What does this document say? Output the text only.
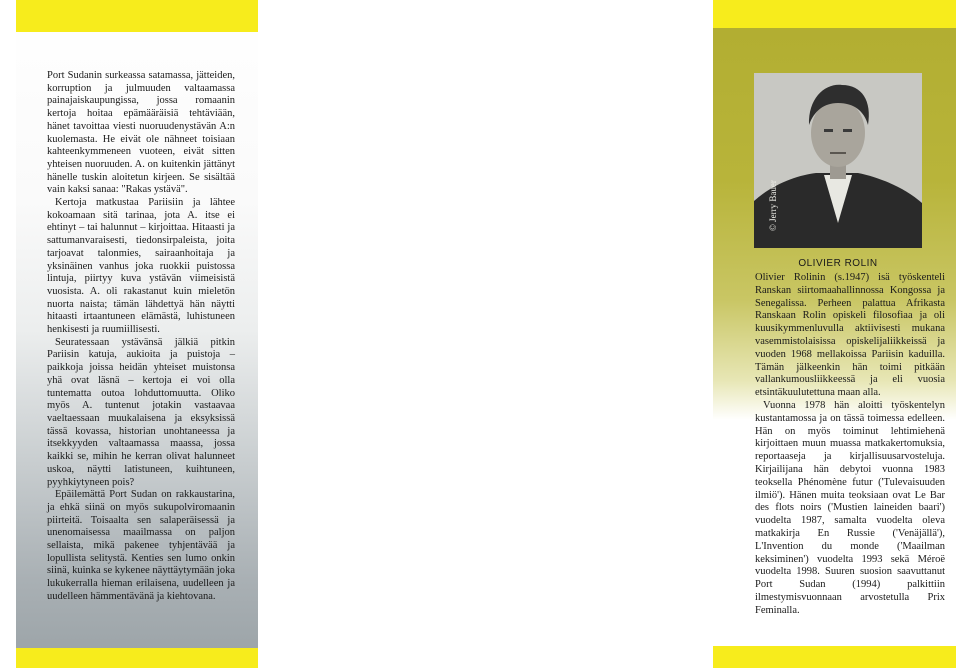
Port Sudanin surkeassa satamassa, jätteiden, korruption ja julmuuden valtaamassa painajaiskaupungissa, jossa romaanin kertoja hoitaa epämääräisiä tehtäviään, hänet tavoittaa viesti nuoruudenystävän A:n kuolemasta. He eivät ole nähneet toisiaan kahteenkymmeneen vuoteen, eivät sitten yhteisen nuoruuden. A. on kuitenkin jättänyt hänelle tuskin aloitetun kirjeen. Se sisältää vain kaksi sanaa: "Rakas ystävä".

Kertoja matkustaa Pariisiin ja lähtee kokoamaan sitä tarinaa, jota A. itse ei ehtinyt – tai halunnut – kirjoittaa. Hitaasti ja sattumanvaraisesti, tiedonsirpaleista, joita tarjoavat talonmies, sairaanhoitaja ja yksinäinen vanhus joka ruokkii puistossa lintuja, piirtyy kuva ystävän viimeisistä vuosista. A. oli rakastanut kuin mieletön nuorta naista; tämän lähdettyä hän näytti hitaasti irtaantuneen elämästä, luhistuneen henkisesti ja ruumiillisesti.

Seuratessaan ystävänsä jälkiä pitkin Pariisin katuja, aukioita ja puistoja – paikkoja joissa heidän yhteiset muistonsa yhä ovat läsnä – kertoja ei voi olla tuntematta outoa lohduttomuutta. Oliko myös A. tuntenut jotakin vastaavaa vaeltaessaan muukalaisena ja eksyksissä tässä kovassa, historian unohtaneessa ja itsekkyyden valtaamassa maassa, jossa kaikki se, mihin he kerran olivat halunneet uskoa, näytti latistuneen, kuihtuneen, pyyhkiytyneen pois?

Epäilemättä Port Sudan on rakkaustarina, ja ehkä siinä on myös sukupolviromaanin piirteitä. Toisaalta sen salaperäisessä ja unenomaisessa maailmassa on paljon sellaista, mikä pakenee tyhjentävää ja lopullista selitystä. Kenties sen lumo onkin siinä, kuinka se kykenee näyttäytymään joka lukukerralla hieman erilaisena, uudelleen ja uudelleen hämmentävänä ja kiehtovana.

© Jerry Bauer
OLIVIER ROLIN

Olivier Rolinin (s.1947) isä työskenteli Ranskan siirtomaahallinnossa Kongossa ja Senegalissa. Perheen palattua Afrikasta Ranskaan Rolin opiskeli filosofiaa ja oli kuusikymmenluvulla aktiivisesti mukana vasemmistolaisissa opiskelijaliikkeissä ja vuoden 1968 mellakoissa Pariisin kaduilla. Tämän jälkeenkin hän toimi pitkään vallankumousliikkeessä ja eli vuosia etsintäkuulutettuna maan alla.

Vuonna 1978 hän aloitti työskentelyn kustantamossa ja on tässä toimessa edelleen. Hän on myös toiminut lehtimiehenä kirjoittaen muun muassa matkakertomuksia, reportaaseja ja kirjallisuusarvosteluja. Kirjailijana hän debytoi vuonna 1983 teoksella Phénomène futur ('Tulevaisuuden ilmiö'). Hänen muita teoksiaan ovat Le Bar des flots noirs ('Mustien laineiden baari') vuodelta 1987, samalta vuodelta oleva matkakirja En Russie ('Venäjällä'), L'Invention du monde ('Maailman keksiminen') vuodelta 1993 sekä Méroë vuodelta 1998. Suuren suosion saavuttanut Port Sudan (1994) palkittiin ilmestymisvuonnaan arvostetulla Prix Feminalla.
